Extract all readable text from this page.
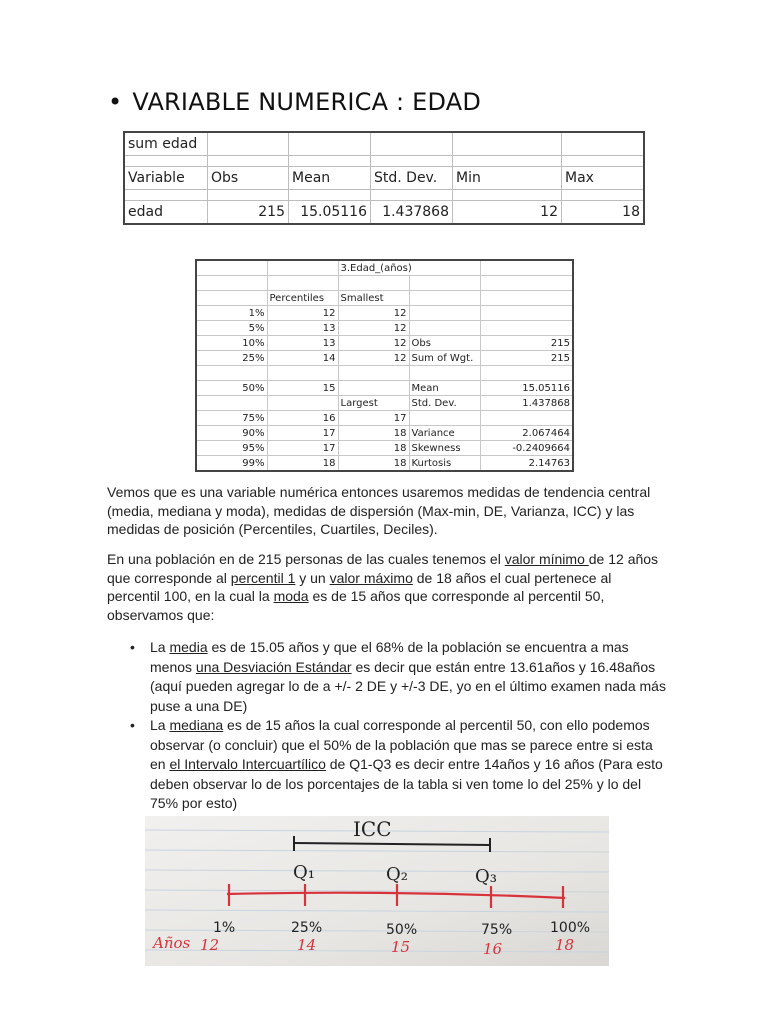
• VARIABLE NUMERICA : EDAD
sum edad					

Variable	Obs	Mean	Std. Dev.	Min	Max

edad	215	15.05116	1.437868	12	18
		3.Edad_(años)		

	Percentiles	Smallest		
1%	12	12		
5%	13	12		
10%	13	12	Obs	215
25%	14	12	Sum of Wgt.	215

50%	15		Mean	15.05116
		Largest	Std. Dev.	1.437868
75%	16	17		
90%	17	18	Variance	2.067464
95%	17	18	Skewness	-0.2409664
99%	18	18	Kurtosis	2.14763
Vemos que es una variable numérica entonces usaremos medidas de tendencia central (media, mediana y moda), medidas de dispersión (Max-min, DE, Varianza, ICC) y las medidas de posición (Percentiles, Cuartiles, Deciles).
En una población en de 215 personas de las cuales tenemos el valor mínimo de 12 años que corresponde al percentil 1 y un valor máximo de 18 años el cual pertenece al percentil 100, en la cual la moda es de 15 años que corresponde al percentil 50, observamos que:
• La media es de 15.05 años y que el 68% de la población se encuentra a mas menos una Desviación Estándar es decir que están entre 13.61años y 16.48años (aquí pueden agregar lo de a +/- 2 DE y +/-3 DE, yo en el último examen nada más puse a una DE)
• La mediana es de 15 años la cual corresponde al percentil 50, con ello podemos observar (o concluir) que el 50% de la población que mas se parece entre si esta en el Intervalo Intercuartílico de Q1-Q3 es decir entre 14años y 16 años (Para esto deben observar lo de los porcentajes de la tabla si ven tome lo del 25% y lo del 75% por esto)
ICC
Q₁	Q₂	Q₃
1%	25%	50%	75%	100%
Años 12	14	15	16	18
